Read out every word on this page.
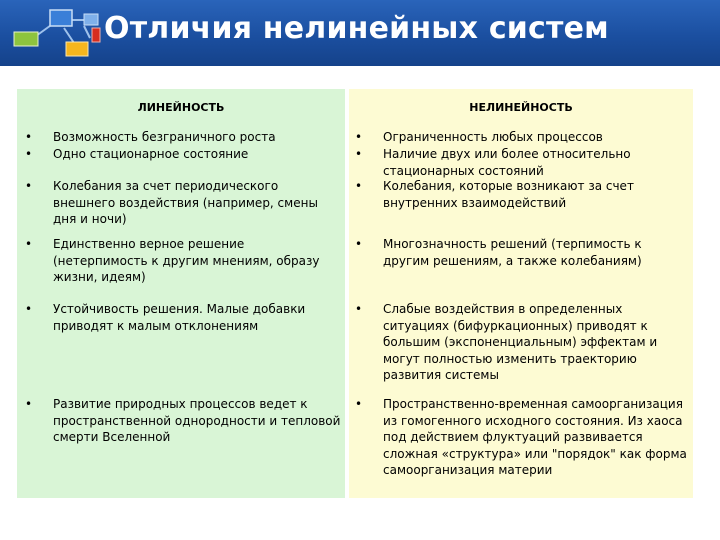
Отличия нелинейных систем
ЛИНЕЙНОСТЬ	НЕЛИНЕЙНОСТЬ
• Возможность безграничного роста
• Одно стационарное состояние
• Колебания за счет периодического внешнего воздействия (например, смены дня и ночи)
• Единственно верное решение (нетерпимость к другим мнениям, образу жизни, идеям)
• Устойчивость решения. Малые добавки приводят к малым отклонениям
• Развитие природных процессов ведет к пространственной однородности и тепловой смерти Вселенной
• Ограниченность любых процессов
• Наличие двух или более относительно стационарных состояний
• Колебания, которые возникают за счет внутренних взаимодействий
• Многозначность решений (терпимость к другим решениям, а также колебаниям)
• Слабые воздействия в определенных ситуациях (бифуркационных) приводят к большим (экспоненциальным) эффектам и могут полностью изменить траекторию развития системы
• Пространственно-временная самоорганизация из гомогенного исходного состояния. Из хаоса под действием флуктуаций развивается сложная «структура» или "порядок" как форма самоорганизация материи
